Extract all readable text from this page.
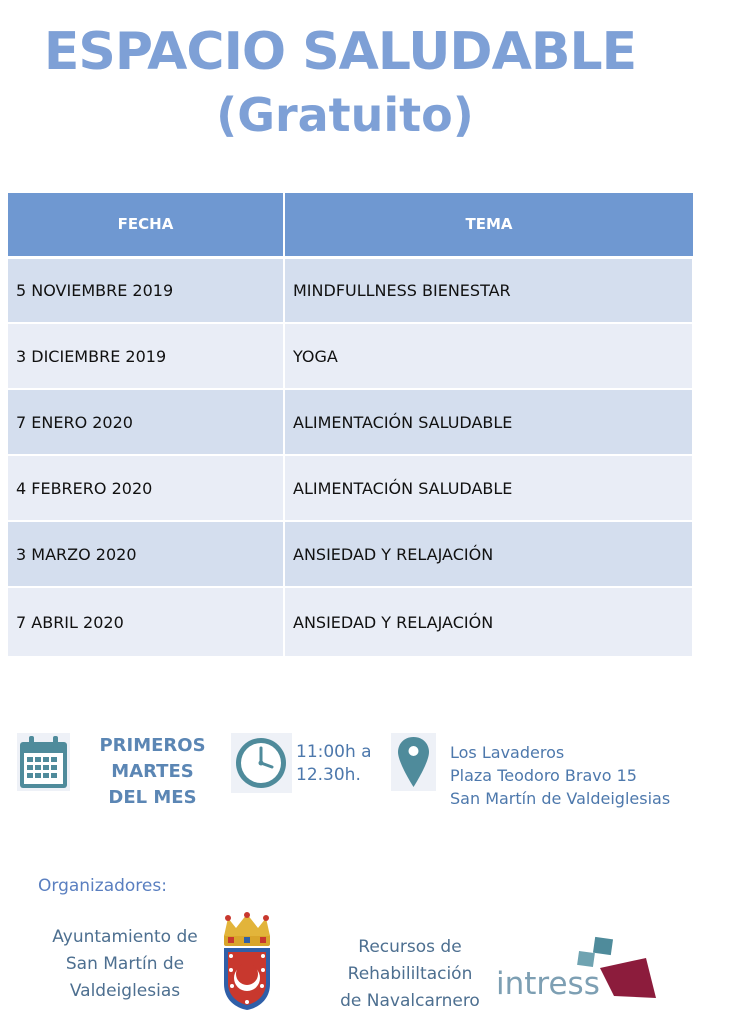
ESPACIO SALUDABLE
(Gratuito)
FECHA	TEMA
5 NOVIEMBRE 2019	MINDFULLNESS BIENESTAR
3 DICIEMBRE 2019	YOGA
7 ENERO 2020	ALIMENTACIÓN SALUDABLE
4 FEBRERO 2020	ALIMENTACIÓN SALUDABLE
3 MARZO 2020	ANSIEDAD Y RELAJACIÓN
7 ABRIL 2020	ANSIEDAD Y RELAJACIÓN
PRIMEROS
MARTES
DEL MES
11:00h a
12.30h.
Los Lavaderos
Plaza Teodoro Bravo 15
San Martín de Valdeiglesias
Organizadores:
Ayuntamiento de
San Martín de
Valdeiglesias
Recursos de
Rehabililtación
de Navalcarnero intress
